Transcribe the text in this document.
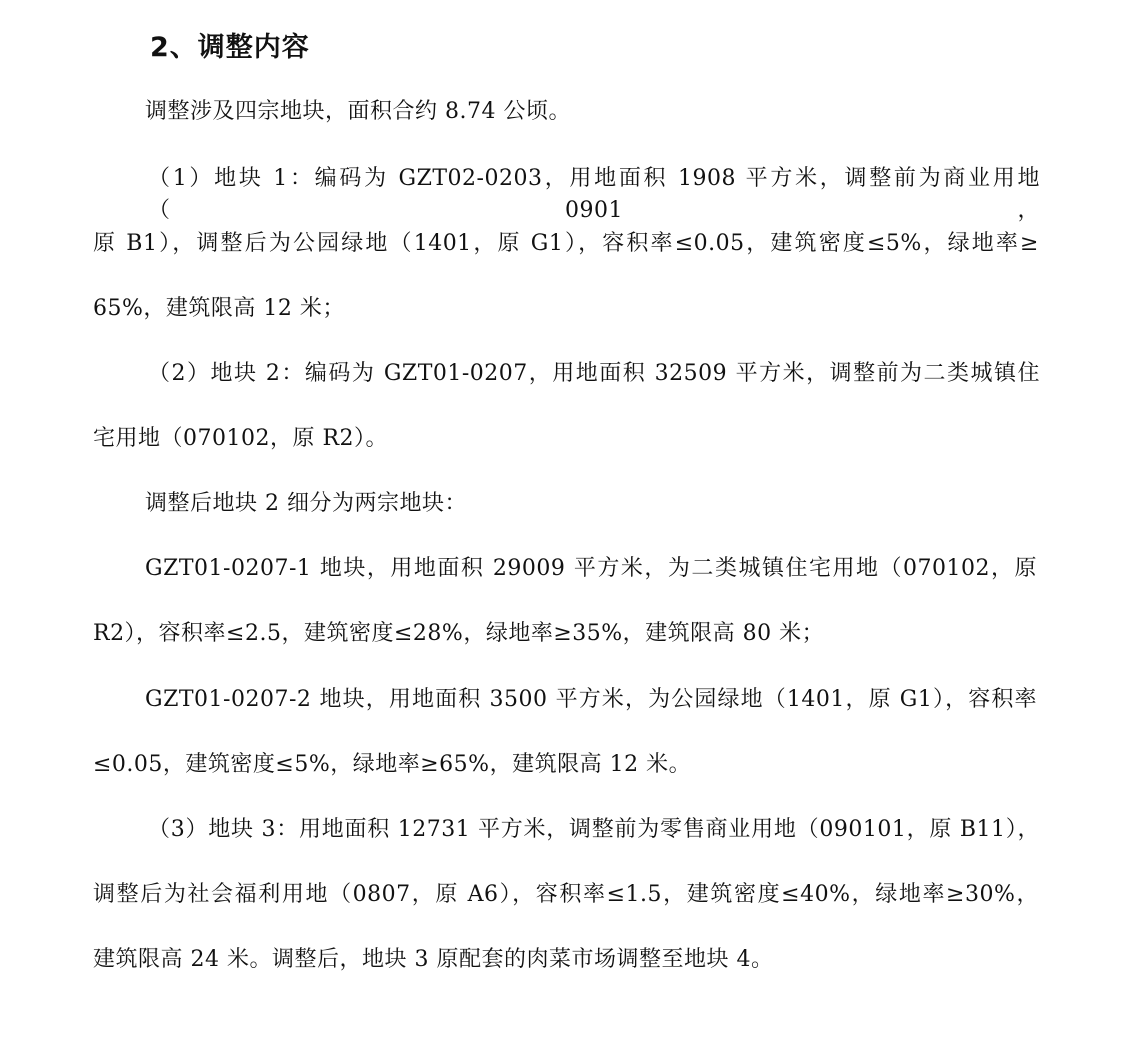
2、调整内容
调整涉及四宗地块，面积合约 8.74 公顷。
（1）地块 1：编码为 GZT02-0203，用地面积 1908 平方米，调整前为商业用地（0901，
原 B1），调整后为公园绿地（1401，原 G1），容积率≤0.05，建筑密度≤5%，绿地率≥
65%，建筑限高 12 米；
（2）地块 2：编码为 GZT01-0207，用地面积 32509 平方米，调整前为二类城镇住
宅用地（070102，原 R2）。
调整后地块 2 细分为两宗地块：
GZT01-0207-1 地块，用地面积 29009 平方米，为二类城镇住宅用地（070102，原
R2），容积率≤2.5，建筑密度≤28%，绿地率≥35%，建筑限高 80 米；
GZT01-0207-2 地块，用地面积 3500 平方米，为公园绿地（1401，原 G1），容积率
≤0.05，建筑密度≤5%，绿地率≥65%，建筑限高 12 米。
（3）地块 3：用地面积 12731 平方米，调整前为零售商业用地（090101，原 B11），
调整后为社会福利用地（0807，原 A6），容积率≤1.5，建筑密度≤40%，绿地率≥30%，
建筑限高 24 米。调整后，地块 3 原配套的肉菜市场调整至地块 4。
